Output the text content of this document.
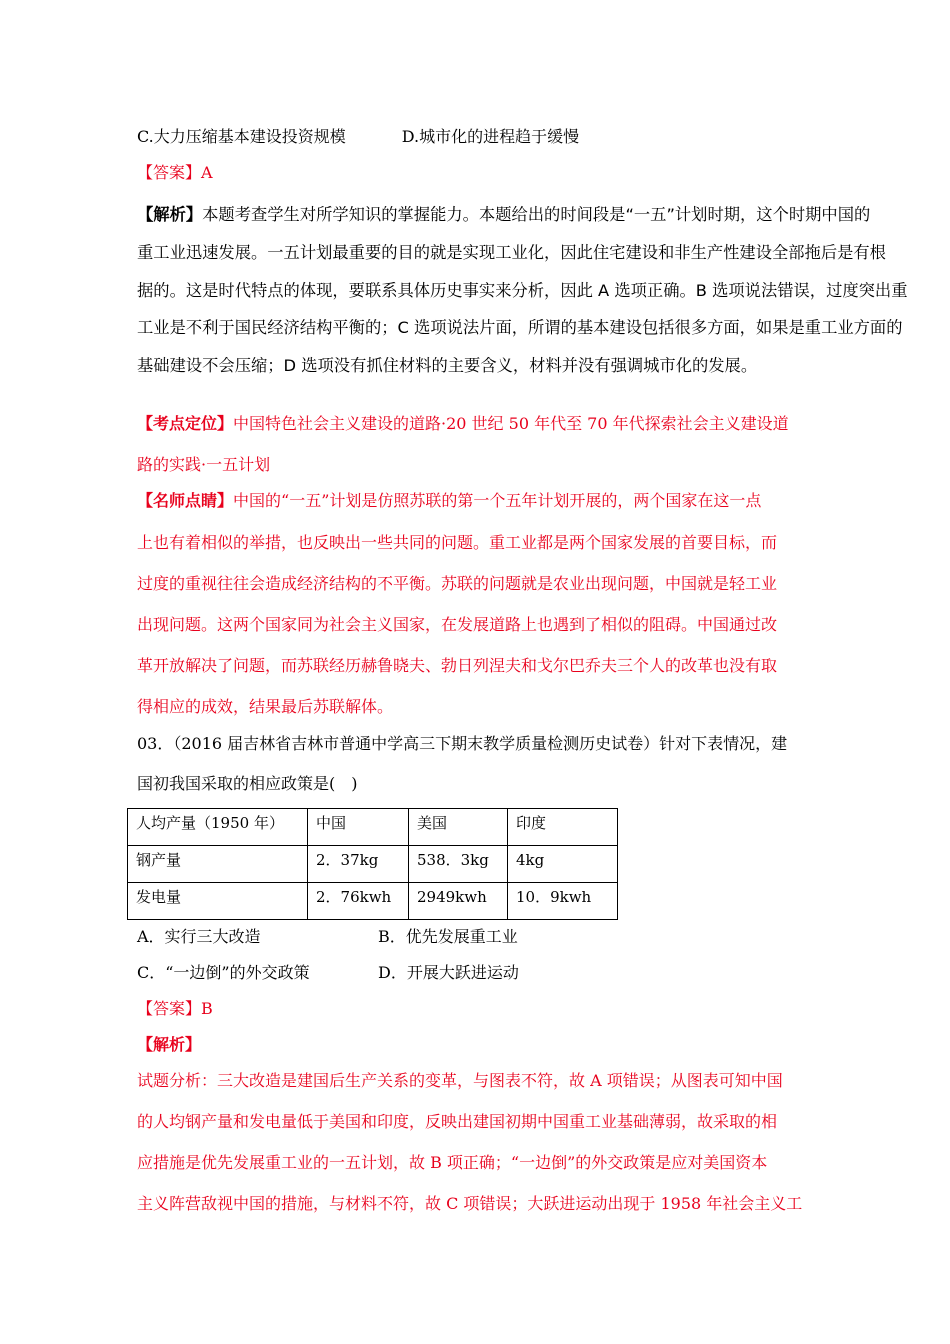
C.大力压缩基本建设投资规模	D.城市化的进程趋于缓慢
【答案】A
【解析】本题考查学生对所学知识的掌握能力。本题给出的时间段是“一五”计划时期，这个时期中国的
重工业迅速发展。一五计划最重要的目的就是实现工业化，因此住宅建设和非生产性建设全部拖后是有根
据的。这是时代特点的体现，要联系具体历史事实来分析，因此 A 选项正确。B 选项说法错误，过度突出重
工业是不利于国民经济结构平衡的；C 选项说法片面，所谓的基本建设包括很多方面，如果是重工业方面的
基础建设不会压缩；D 选项没有抓住材料的主要含义，材料并没有强调城市化的发展。
【考点定位】中国特色社会主义建设的道路·20 世纪 50 年代至 70 年代探索社会主义建设道
路的实践·一五计划
【名师点睛】中国的“一五”计划是仿照苏联的第一个五年计划开展的，两个国家在这一点
上也有着相似的举措，也反映出一些共同的问题。重工业都是两个国家发展的首要目标，而
过度的重视往往会造成经济结构的不平衡。苏联的问题就是农业出现问题，中国就是轻工业
出现问题。这两个国家同为社会主义国家，在发展道路上也遇到了相似的阻碍。中国通过改
革开放解决了问题，而苏联经历赫鲁晓夫、勃日列涅夫和戈尔巴乔夫三个人的改革也没有取
得相应的成效，结果最后苏联解体。
03．（2016 届吉林省吉林市普通中学高三下期末教学质量检测历史试卷）针对下表情况，建
国初我国采取的相应政策是(　)
人均产量（1950 年）	中国	美国	印度

钢产量	2．37kg	538．3kg	4kg

发电量	2．76kwh	2949kwh	10．9kwh
A．实行三大改造	B．优先发展重工业
C．“一边倒”的外交政策	D．开展大跃进运动
【答案】B
【解析】
试题分析：三大改造是建国后生产关系的变革，与图表不符，故 A 项错误；从图表可知中国
的人均钢产量和发电量低于美国和印度，反映出建国初期中国重工业基础薄弱，故采取的相
应措施是优先发展重工业的一五计划，故 B 项正确；“一边倒”的外交政策是应对美国资本
主义阵营敌视中国的措施，与材料不符，故 C 项错误；大跃进运动出现于 1958 年社会主义工
